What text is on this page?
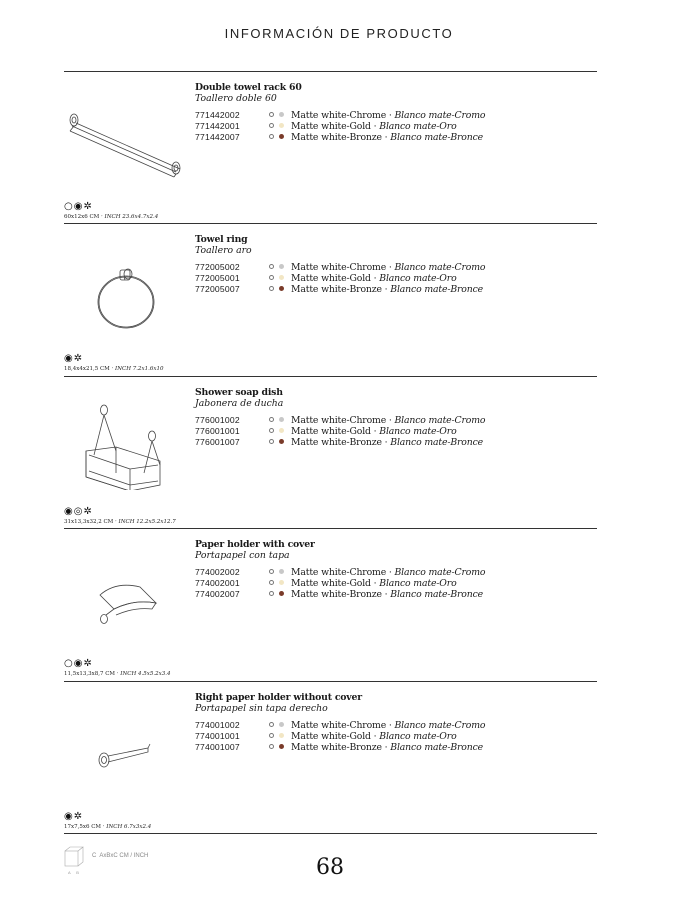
INFORMACIÓN DE PRODUCTO
○ ◉ ✲
60x12x6 CM · INCH 23.6x4.7x2.4
Double towel rack 60
Toallero doble 60
771442002	Matte white-Chrome · Blanco mate-Cromo
771442001	Matte white-Gold · Blanco mate-Oro
771442007	Matte white-Bronze · Blanco mate-Bronce
◉ ✲
18,4x4x21,5 CM · INCH 7.2x1.6x10
Towel ring
Toallero aro
772005002	Matte white-Chrome · Blanco mate-Cromo
772005001	Matte white-Gold · Blanco mate-Oro
772005007	Matte white-Bronze · Blanco mate-Bronce
◉ ◎ ✲
31x13,3x32,2 CM · INCH 12.2x5.2x12.7
Shower soap dish
Jabonera de ducha
776001002	Matte white-Chrome · Blanco mate-Cromo
776001001	Matte white-Gold · Blanco mate-Oro
776001007	Matte white-Bronze · Blanco mate-Bronce
○ ◉ ✲
11,5x13,3x8,7 CM · INCH 4.5x5.2x3.4
Paper holder with cover
Portapapel con tapa
774002002	Matte white-Chrome · Blanco mate-Cromo
774002001	Matte white-Gold · Blanco mate-Oro
774002007	Matte white-Bronze · Blanco mate-Bronce
◉ ✲
17x7,5x6 CM · INCH 6.7x3x2.4
Right paper holder without cover
Portapapel sin tapa derecho
774001002	Matte white-Chrome · Blanco mate-Cromo
774001001	Matte white-Gold · Blanco mate-Oro
774001007	Matte white-Bronze · Blanco mate-Bronce
C AxBxC CM / INCH
A B	68
